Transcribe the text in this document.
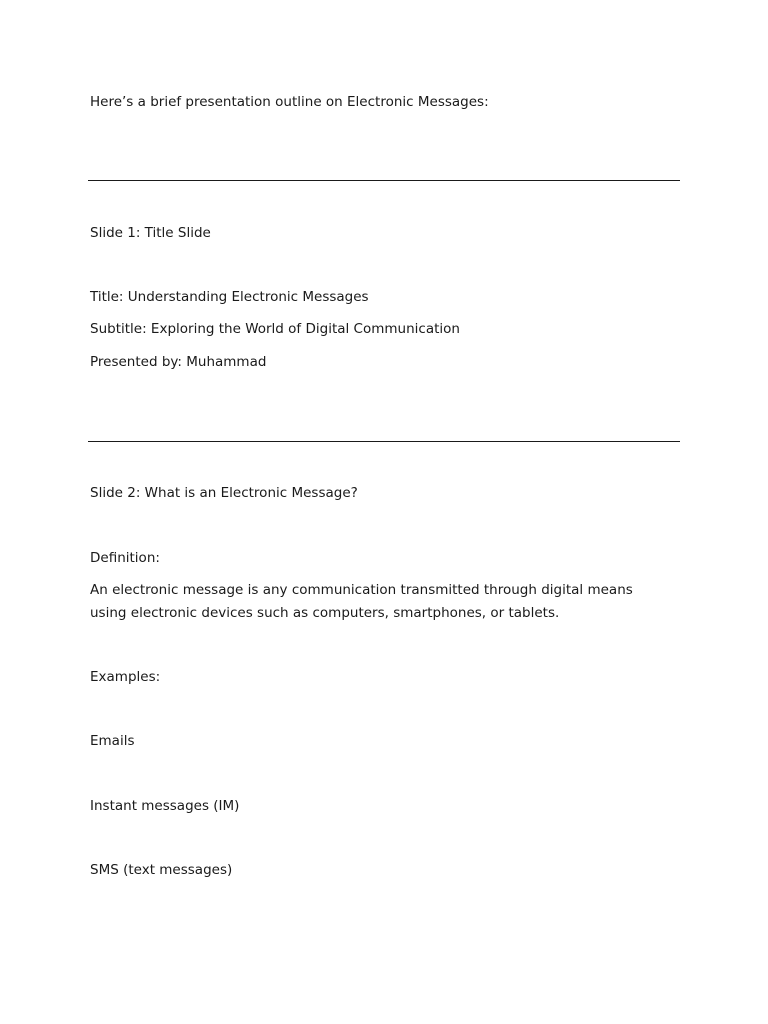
Here’s a brief presentation outline on Electronic Messages:

Slide 1: Title Slide

Title: Understanding Electronic Messages

Subtitle: Exploring the World of Digital Communication

Presented by: Muhammad

Slide 2: What is an Electronic Message?

Definition:

An electronic message is any communication transmitted through digital means using electronic devices such as computers, smartphones, or tablets.

Examples:

Emails

Instant messages (IM)

SMS (text messages)
